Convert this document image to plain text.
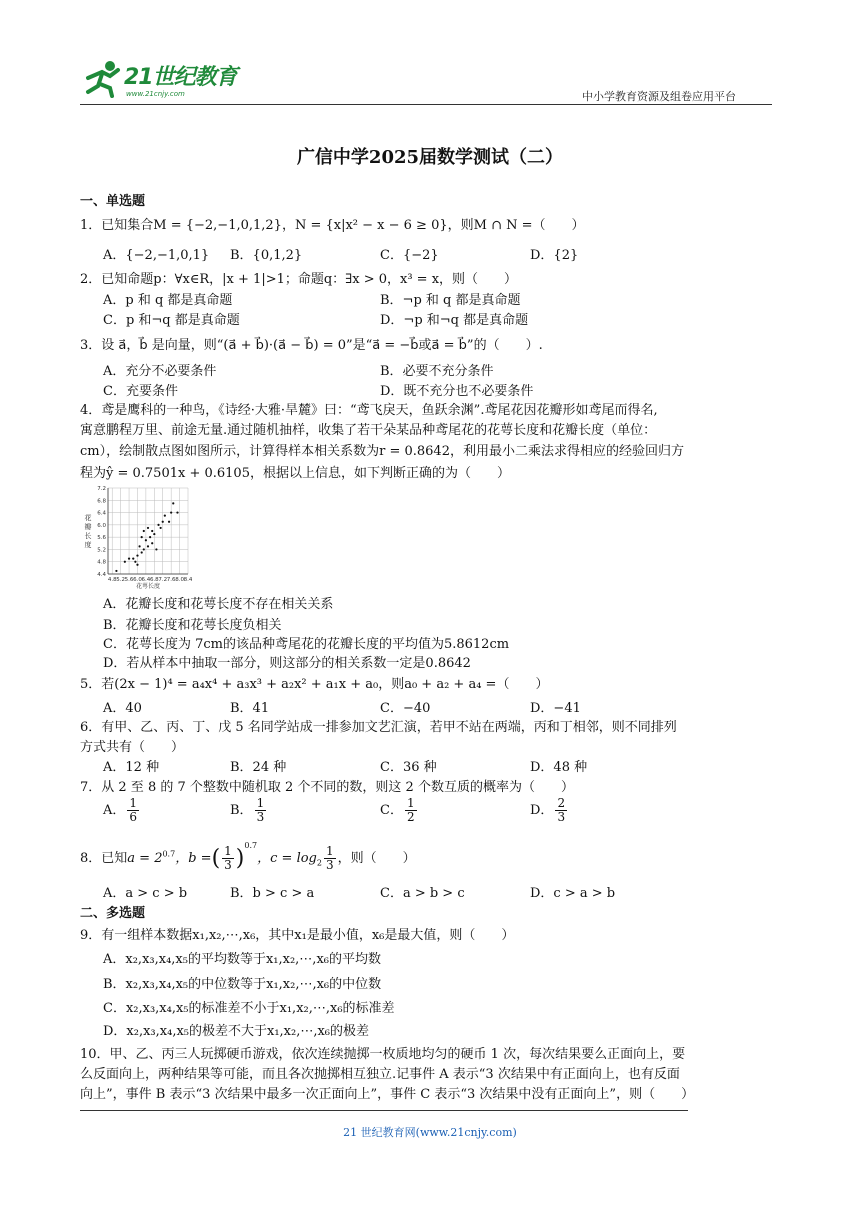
21世纪教育
www.21cnjy.com	中小学教育资源及组卷应用平台
广信中学2025届数学测试（二）
一、单选题
1．已知集合M = {−2,−1,0,1,2}，N = {x|x² − x − 6 ≥ 0}，则M ∩ N =（　　）
A．{−2,−1,0,1} B．{0,1,2}	C．{−2}	D．{2}
2．已知命题p：∀x∈R，|x + 1|>1；命题q：∃x > 0，x³ = x，则（　　）
A．p 和 q 都是真命题	B．¬p 和 q 都是真命题
C．p 和¬q 都是真命题	D．¬p 和¬q 都是真命题
3．设 a⃗，b⃗ 是向量，则“(a⃗ + b⃗)·(a⃗ − b⃗) = 0”是“a⃗ = −b⃗或a⃗ = b⃗”的（　　）.
A．充分不必要条件	B．必要不充分条件
C．充要条件	D．既不充分也不必要条件
4．鸢是鹰科的一种鸟，《诗经·大雅·旱麓》曰：“鸢飞戾天，鱼跃余渊”.鸢尾花因花瓣形如鸢尾而得名,
寓意鹏程万里、前途无量.通过随机抽样，收集了若干朵某品种鸢尾花的花萼长度和花瓣长度（单位：
cm），绘制散点图如图所示，计算得样本相关系数为r = 0.8642，利用最小二乘法求得相应的经验回归方
程为ŷ = 0.7501x + 0.6105，根据以上信息，如下判断正确的为（　　）
4.8 5.2 5.6 6.0 6.4 6.8 7.2 7.6 8.0 8.4
4.4
4.8
5.2
5.6
6.0
6.4
6.8
7.2
花萼长度
花
瓣
长
度
A．花瓣长度和花萼长度不存在相关关系
B．花瓣长度和花萼长度负相关
C．花萼长度为 7cm的该品种鸢尾花的花瓣长度的平均值为5.8612cm
D．若从样本中抽取一部分，则这部分的相关系数一定是0.8642
5．若(2x − 1)⁴ = a₄x⁴ + a₃x³ + a₂x² + a₁x + a₀，则a₀ + a₂ + a₄ =（　　）
A．40	B．41	C．−40	D．−41
6．有甲、乙、丙、丁、戊 5 名同学站成一排参加文艺汇演，若甲不站在两端，丙和丁相邻，则不同排列
方式共有（　　）
A．12 种	B．24 种	C．36 种	D．48 种
7．从 2 至 8 的 7 个整数中随机取 2 个不同的数，则这 2 个数互质的概率为（　　）
A． $\frac{1}{6}$	B． $\frac{1}{3}$	C． $\frac{1}{2}$	D． $\frac{2}{3}$
8．已知$a = 2^{0.7}$，b =( $\frac{1}{3} )^{0.7}$，$c = \log_2 \frac{1}{3}$ ，则（　　）
A．a > c > b	B．b > c > a	C．a > b > c	D．c > a > b
二、多选题
9．有一组样本数据x₁,x₂,⋯,x₆，其中x₁是最小值，x₆是最大值，则（　　）
A．x₂,x₃,x₄,x₅的平均数等于x₁,x₂,⋯,x₆的平均数
B．x₂,x₃,x₄,x₅的中位数等于x₁,x₂,⋯,x₆的中位数
C．x₂,x₃,x₄,x₅的标准差不小于x₁,x₂,⋯,x₆的标准差
D．x₂,x₃,x₄,x₅的极差不大于x₁,x₂,⋯,x₆的极差
10．甲、乙、丙三人玩掷硬币游戏，依次连续抛掷一枚质地均匀的硬币 1 次，每次结果要么正面向上，要
么反面向上，两种结果等可能，而且各次抛掷相互独立.记事件 A 表示“3 次结果中有正面向上，也有反面
向上”，事件 B 表示“3 次结果中最多一次正面向上”，事件 C 表示“3 次结果中没有正面向上”，则（　　）
21 世纪教育网(www.21cnjy.com)
